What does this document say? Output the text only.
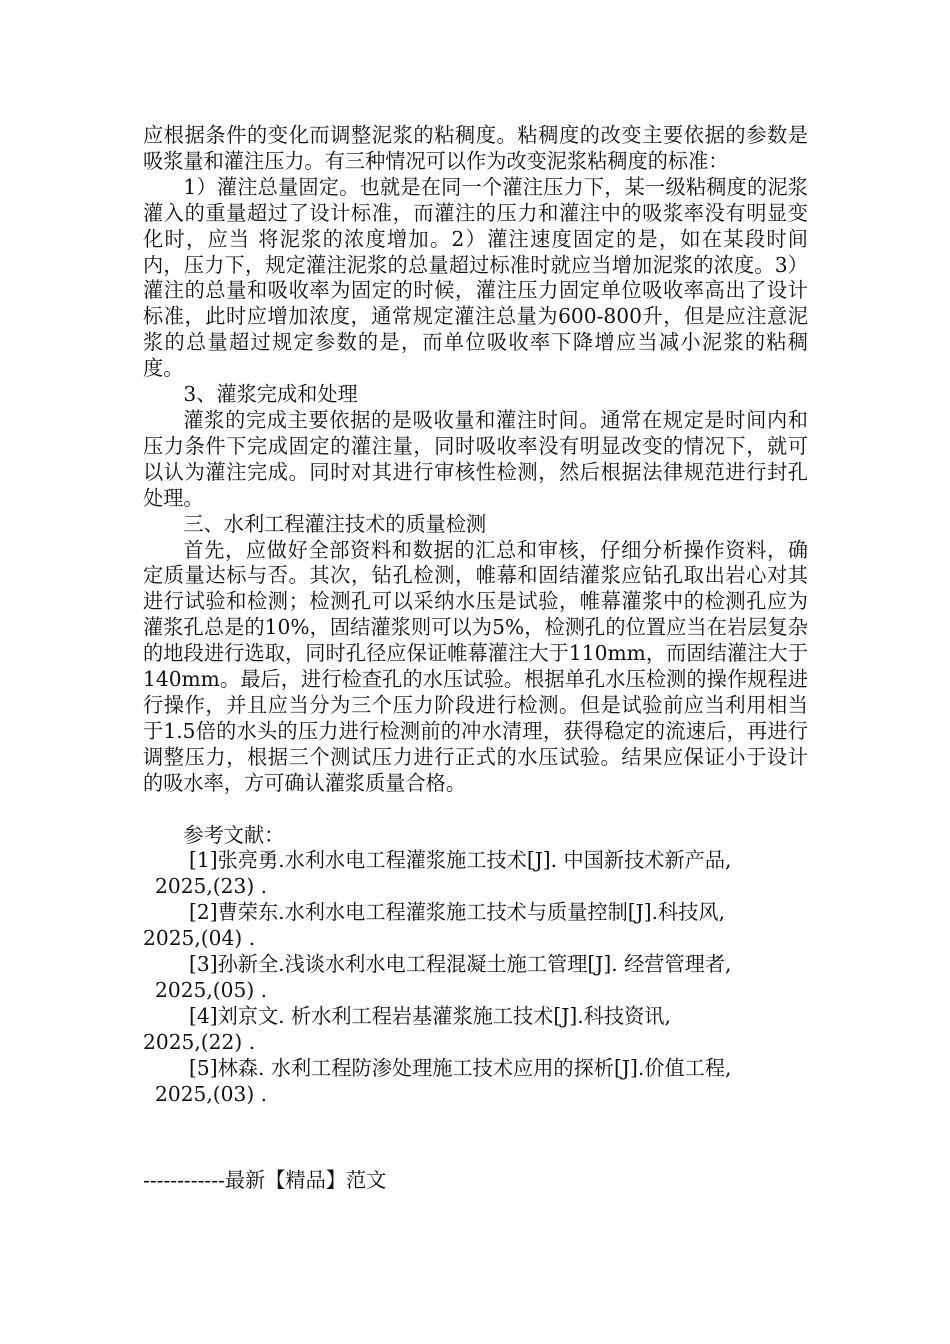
应根据条件的变化而调整泥浆的粘稠度。粘稠度的改变主要依据的参数是吸浆量和灌注压力。有三种情况可以作为改变泥浆粘稠度的标准：

1）灌注总量固定。也就是在同一个灌注压力下，某一级粘稠度的泥浆灌入的重量超过了设计标准，而灌注的压力和灌注中的吸浆率没有明显变化时，应当 将泥浆的浓度增加。2）灌注速度固定的是，如在某段时间内，压力下，规定灌注泥浆的总量超过标准时就应当增加泥浆的浓度。3）灌注的总量和吸收率为固定的时候，灌注压力固定单位吸收率高出了设计标准，此时应增加浓度，通常规定灌注总量为600-800升，但是应注意泥浆的总量超过规定参数的是，而单位吸收率下降增应当减小泥浆的粘稠度。

3、灌浆完成和处理

灌浆的完成主要依据的是吸收量和灌注时间。通常在规定是时间内和压力条件下完成固定的灌注量，同时吸收率没有明显改变的情况下，就可以认为灌注完成。同时对其进行审核性检测，然后根据法律规范进行封孔处理。

三、水利工程灌注技术的质量检测

首先，应做好全部资料和数据的汇总和审核，仔细分析操作资料，确定质量达标与否。其次，钻孔检测，帷幕和固结灌浆应钻孔取出岩心对其进行试验和检测；检测孔可以采纳水压是试验，帷幕灌浆中的检测孔应为灌浆孔总是的10%，固结灌浆则可以为5%，检测孔的位置应当在岩层复杂的地段进行选取，同时孔径应保证帷幕灌注大于110mm，而固结灌注大于140mm。最后，进行检查孔的水压试验。根据单孔水压检测的操作规程进行操作，并且应当分为三个压力阶段进行检测。但是试验前应当利用相当于1.5倍的水头的压力进行检测前的冲水清理，获得稳定的流速后，再进行调整压力，根据三个测试压力进行正式的水压试验。结果应保证小于设计的吸水率，方可确认灌浆质量合格。

参考文献：

[1]张亮勇.水利水电工程灌浆施工技术[J]. 中国新技术新产品,
2025,(23) .

[2]曹荣东.水利水电工程灌浆施工技术与质量控制[J].科技风,
2025,(04) .

[3]孙新全.浅谈水利水电工程混凝土施工管理[J]. 经营管理者,
2025,(05) .

[4]刘京文. 析水利工程岩基灌浆施工技术[J].科技资讯,
2025,(22) .

[5]林森. 水利工程防渗处理施工技术应用的探析[J].价值工程,
2025,(03) .

------------最新【精品】范文
